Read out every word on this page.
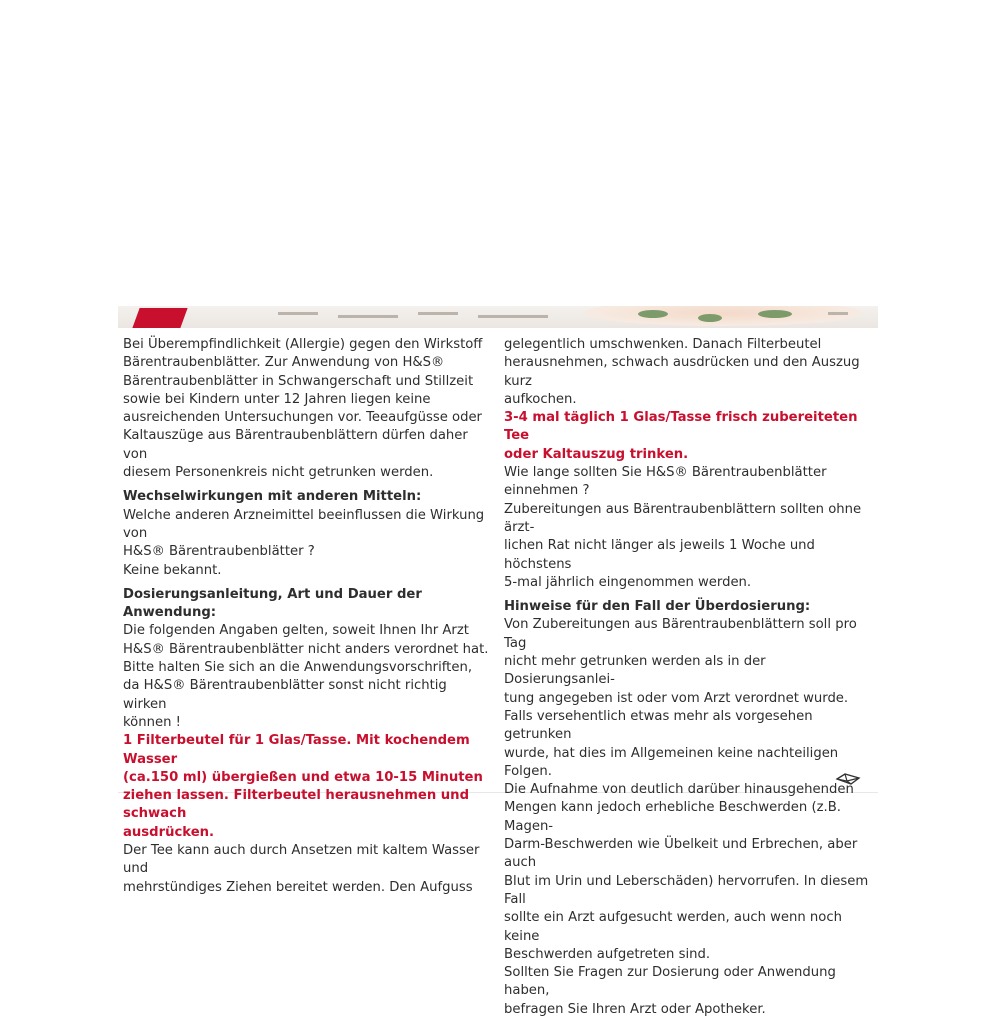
Bei Überempfindlichkeit (Allergie) gegen den Wirkstoff

Bärentraubenblätter. Zur Anwendung von H&S®

Bärentraubenblätter in Schwangerschaft und Stillzeit

sowie bei Kindern unter 12 Jahren liegen keine

ausreichenden Untersuchungen vor. Teeaufgüsse oder

Kaltauszüge aus Bärentraubenblättern dürfen daher von

diesem Personenkreis nicht getrunken werden.

Wechselwirkungen mit anderen Mitteln:

Welche anderen Arzneimittel beeinflussen die Wirkung von

H&S® Bärentraubenblätter ?

Keine bekannt.

Dosierungsanleitung, Art und Dauer der Anwendung:

Die folgenden Angaben gelten, soweit Ihnen Ihr Arzt

H&S® Bärentraubenblätter nicht anders verordnet hat.

Bitte halten Sie sich an die Anwendungsvorschriften,

da H&S® Bärentraubenblätter sonst nicht richtig wirken

können !

1 Filterbeutel für 1 Glas/Tasse. Mit kochendem Wasser

(ca.150 ml) übergießen und etwa 10-15 Minuten

ziehen lassen. Filterbeutel herausnehmen und schwach

ausdrücken.

Der Tee kann auch durch Ansetzen mit kaltem Wasser und

mehrstündiges Ziehen bereitet werden. Den Aufguss

gelegentlich umschwenken. Danach Filterbeutel

herausnehmen, schwach ausdrücken und den Auszug kurz

aufkochen.

3-4 mal täglich 1 Glas/Tasse frisch zubereiteten Tee

oder Kaltauszug trinken.

Wie lange sollten Sie H&S® Bärentraubenblätter

einnehmen ?

Zubereitungen aus Bärentraubenblättern sollten ohne ärzt-

lichen Rat nicht länger als jeweils 1 Woche und höchstens

5-mal jährlich eingenommen werden.

Hinweise für den Fall der Überdosierung:

Von Zubereitungen aus Bärentraubenblättern soll pro Tag

nicht mehr getrunken werden als in der Dosierungsanlei-

tung angegeben ist oder vom Arzt verordnet wurde.

Falls versehentlich etwas mehr als vorgesehen getrunken

wurde, hat dies im Allgemeinen keine nachteiligen Folgen.

Die Aufnahme von deutlich darüber hinausgehenden

Mengen kann jedoch erhebliche Beschwerden (z.B. Magen-

Darm-Beschwerden wie Übelkeit und Erbrechen, aber auch

Blut im Urin und Leberschäden) hervorrufen. In diesem Fall

sollte ein Arzt aufgesucht werden, auch wenn noch keine

Beschwerden aufgetreten sind.

Sollten Sie Fragen zur Dosierung oder Anwendung haben,

befragen Sie Ihren Arzt oder Apotheker.
